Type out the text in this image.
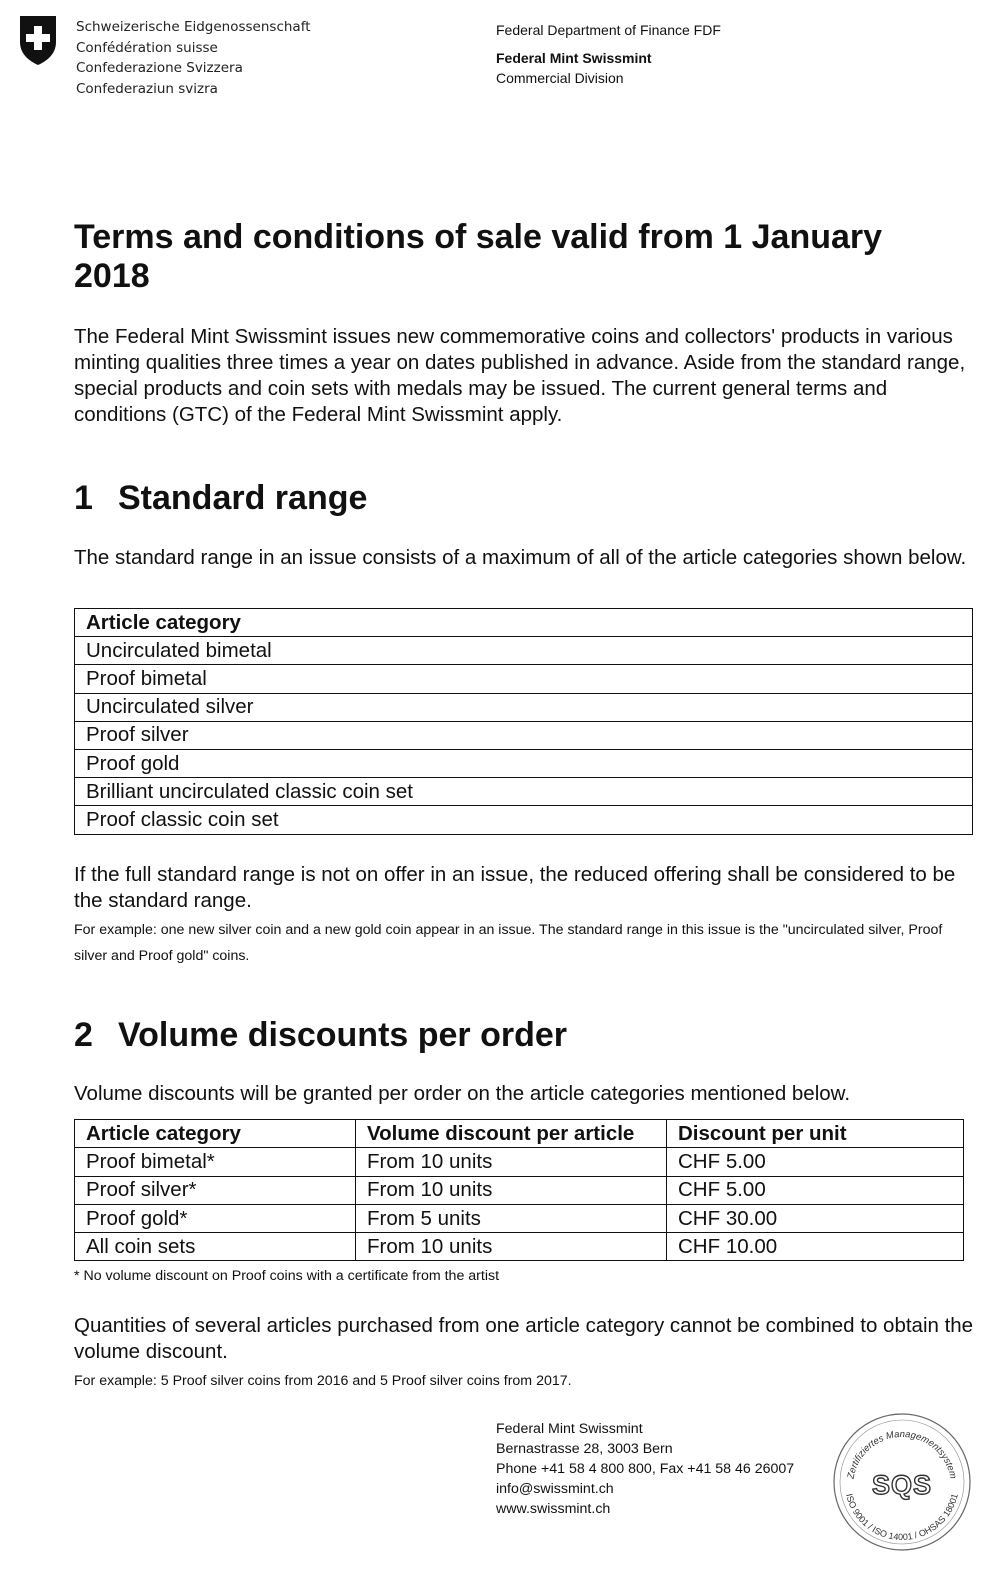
Schweizerische Eidgenossenschaft
Confédération suisse
Confederazione Svizzera
Confederaziun svizra
Federal Department of Finance FDF
Federal Mint Swissmint
Commercial Division
Terms and conditions of sale valid from 1 January 2018

The Federal Mint Swissmint issues new commemorative coins and collectors' products in various minting qualities three times a year on dates published in advance. Aside from the standard range, special products and coin sets with medals may be issued. The current general terms and conditions (GTC) of the Federal Mint Swissmint apply.

1 Standard range

The standard range in an issue consists of a maximum of all of the article categories shown below.

Article category
Uncirculated bimetal
Proof bimetal
Uncirculated silver
Proof silver
Proof gold
Brilliant uncirculated classic coin set
Proof classic coin set

If the full standard range is not on offer in an issue, the reduced offering shall be considered to be the standard range.

For example: one new silver coin and a new gold coin appear in an issue. The standard range in this issue is the "uncirculated silver, Proof silver and Proof gold" coins.

2 Volume discounts per order

Volume discounts will be granted per order on the article categories mentioned below.

Article category	Volume discount per article	Discount per unit
Proof bimetal*	From 10 units	CHF 5.00
Proof silver*	From 10 units	CHF 5.00
Proof gold*	From 5 units	CHF 30.00
All coin sets	From 10 units	CHF 10.00
* No volume discount on Proof coins with a certificate from the artist

Quantities of several articles purchased from one article category cannot be combined to obtain the volume discount.

For example: 5 Proof silver coins from 2016 and 5 Proof silver coins from 2017.

Federal Mint Swissmint
Bernastrasse 28, 3003 Bern
Phone +41 58 4 800 800, Fax +41 58 46 26007
info@swissmint.ch
www.swissmint.ch
Zertifiziertes Managementsystem
ISO 9001 / ISO 14001 / OHSAS 18001
SQS
